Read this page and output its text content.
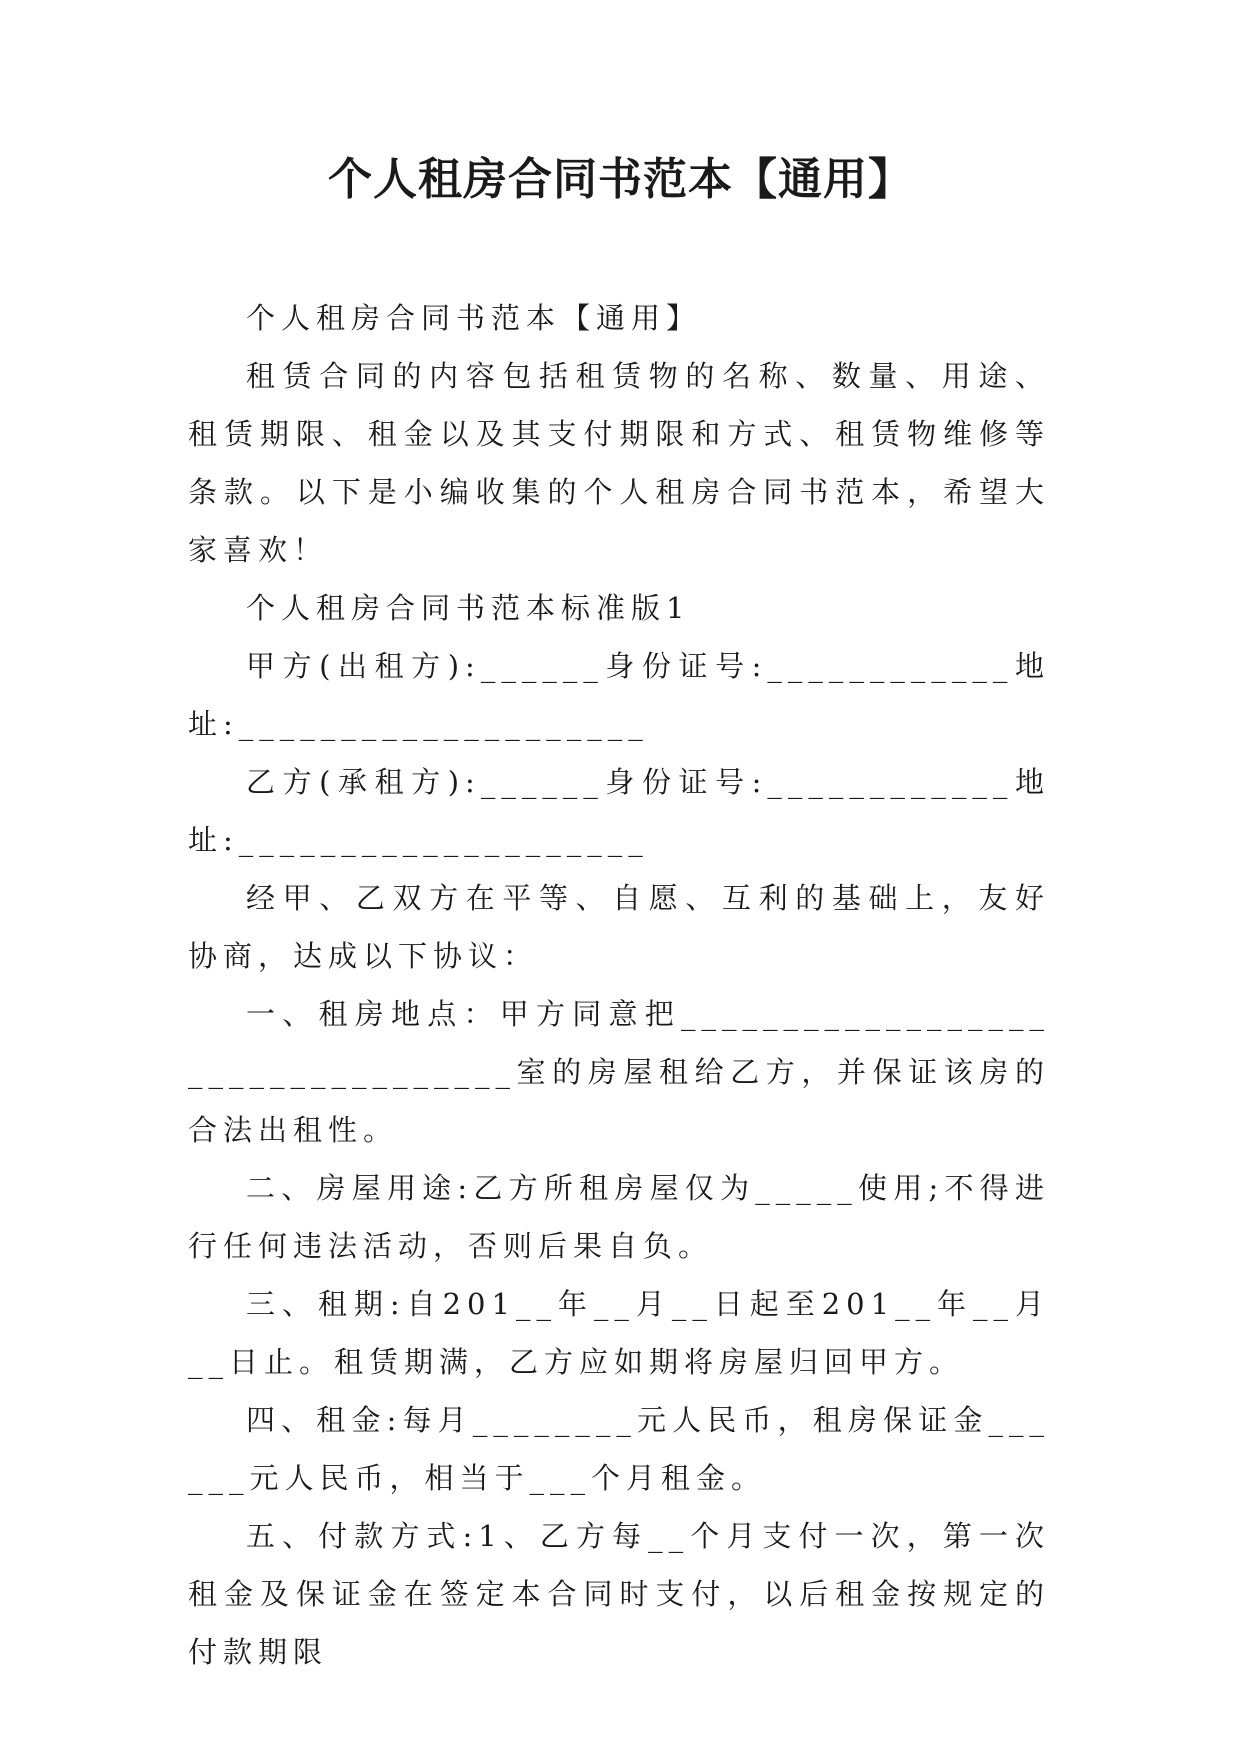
个人租房合同书范本【通用】

个人租房合同书范本【通用】

租赁合同的内容包括租赁物的名称、数量、用途、租赁期限、租金以及其支付期限和方式、租赁物维修等条款。以下是小编收集的个人租房合同书范本，希望大家喜欢！

个人租房合同书范本标准版1

甲方(出租方):______身份证号:____________地址:____________________

乙方(承租方):______身份证号:____________地址:____________________

经甲、乙双方在平等、自愿、互利的基础上，友好协商，达成以下协议：

一、租房地点：甲方同意把__________________________________室的房屋租给乙方，并保证该房的合法出租性。

二、房屋用途:乙方所租房屋仅为_____使用;不得进行任何违法活动，否则后果自负。

三、租期:自201__年__月__日起至201__年__月__日止。租赁期满，乙方应如期将房屋归回甲方。

四、租金:每月________元人民币，租房保证金______元人民币，相当于___个月租金。

五、付款方式:1、乙方每__个月支付一次，第一次租金及保证金在签定本合同时支付，以后租金按规定的付款期限
